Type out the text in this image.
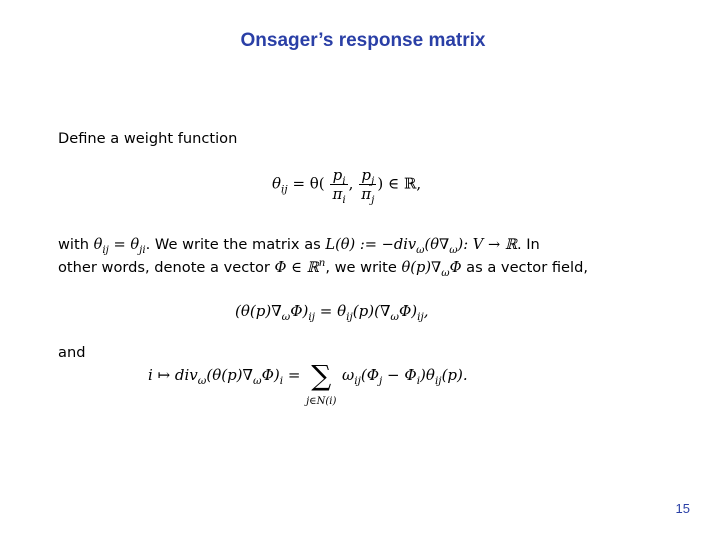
Onsager’s response matrix
Define a weight function
$\theta_{ij} = \theta( \frac{p_i}{\pi_i}$ , $\frac{p_j}{\pi_j}$ ) ∈ ℝ,
with $\theta_{ij} = \theta_{ji}$. We write the matrix as L(θ) := $-div_\omega(\theta\nabla_\omega)$: V → ℝ. In
other words, denote a vector Φ ∈ ℝ$^n$, we write $\theta(p)\nabla_\omega\Phi$ as a vector field,
$(\theta(p)\nabla_\omega\Phi)_{ij} = \theta_{ij}(p)(\nabla_\omega\Phi)_{ij}$,
and
i ↦ $div_\omega(\theta(p)\nabla_\omega\Phi)_i$ = ∑
j∈N(i)
$\omega_{ij}(\Phi_j - \Phi_i)\theta_{ij}(p)$.
15
